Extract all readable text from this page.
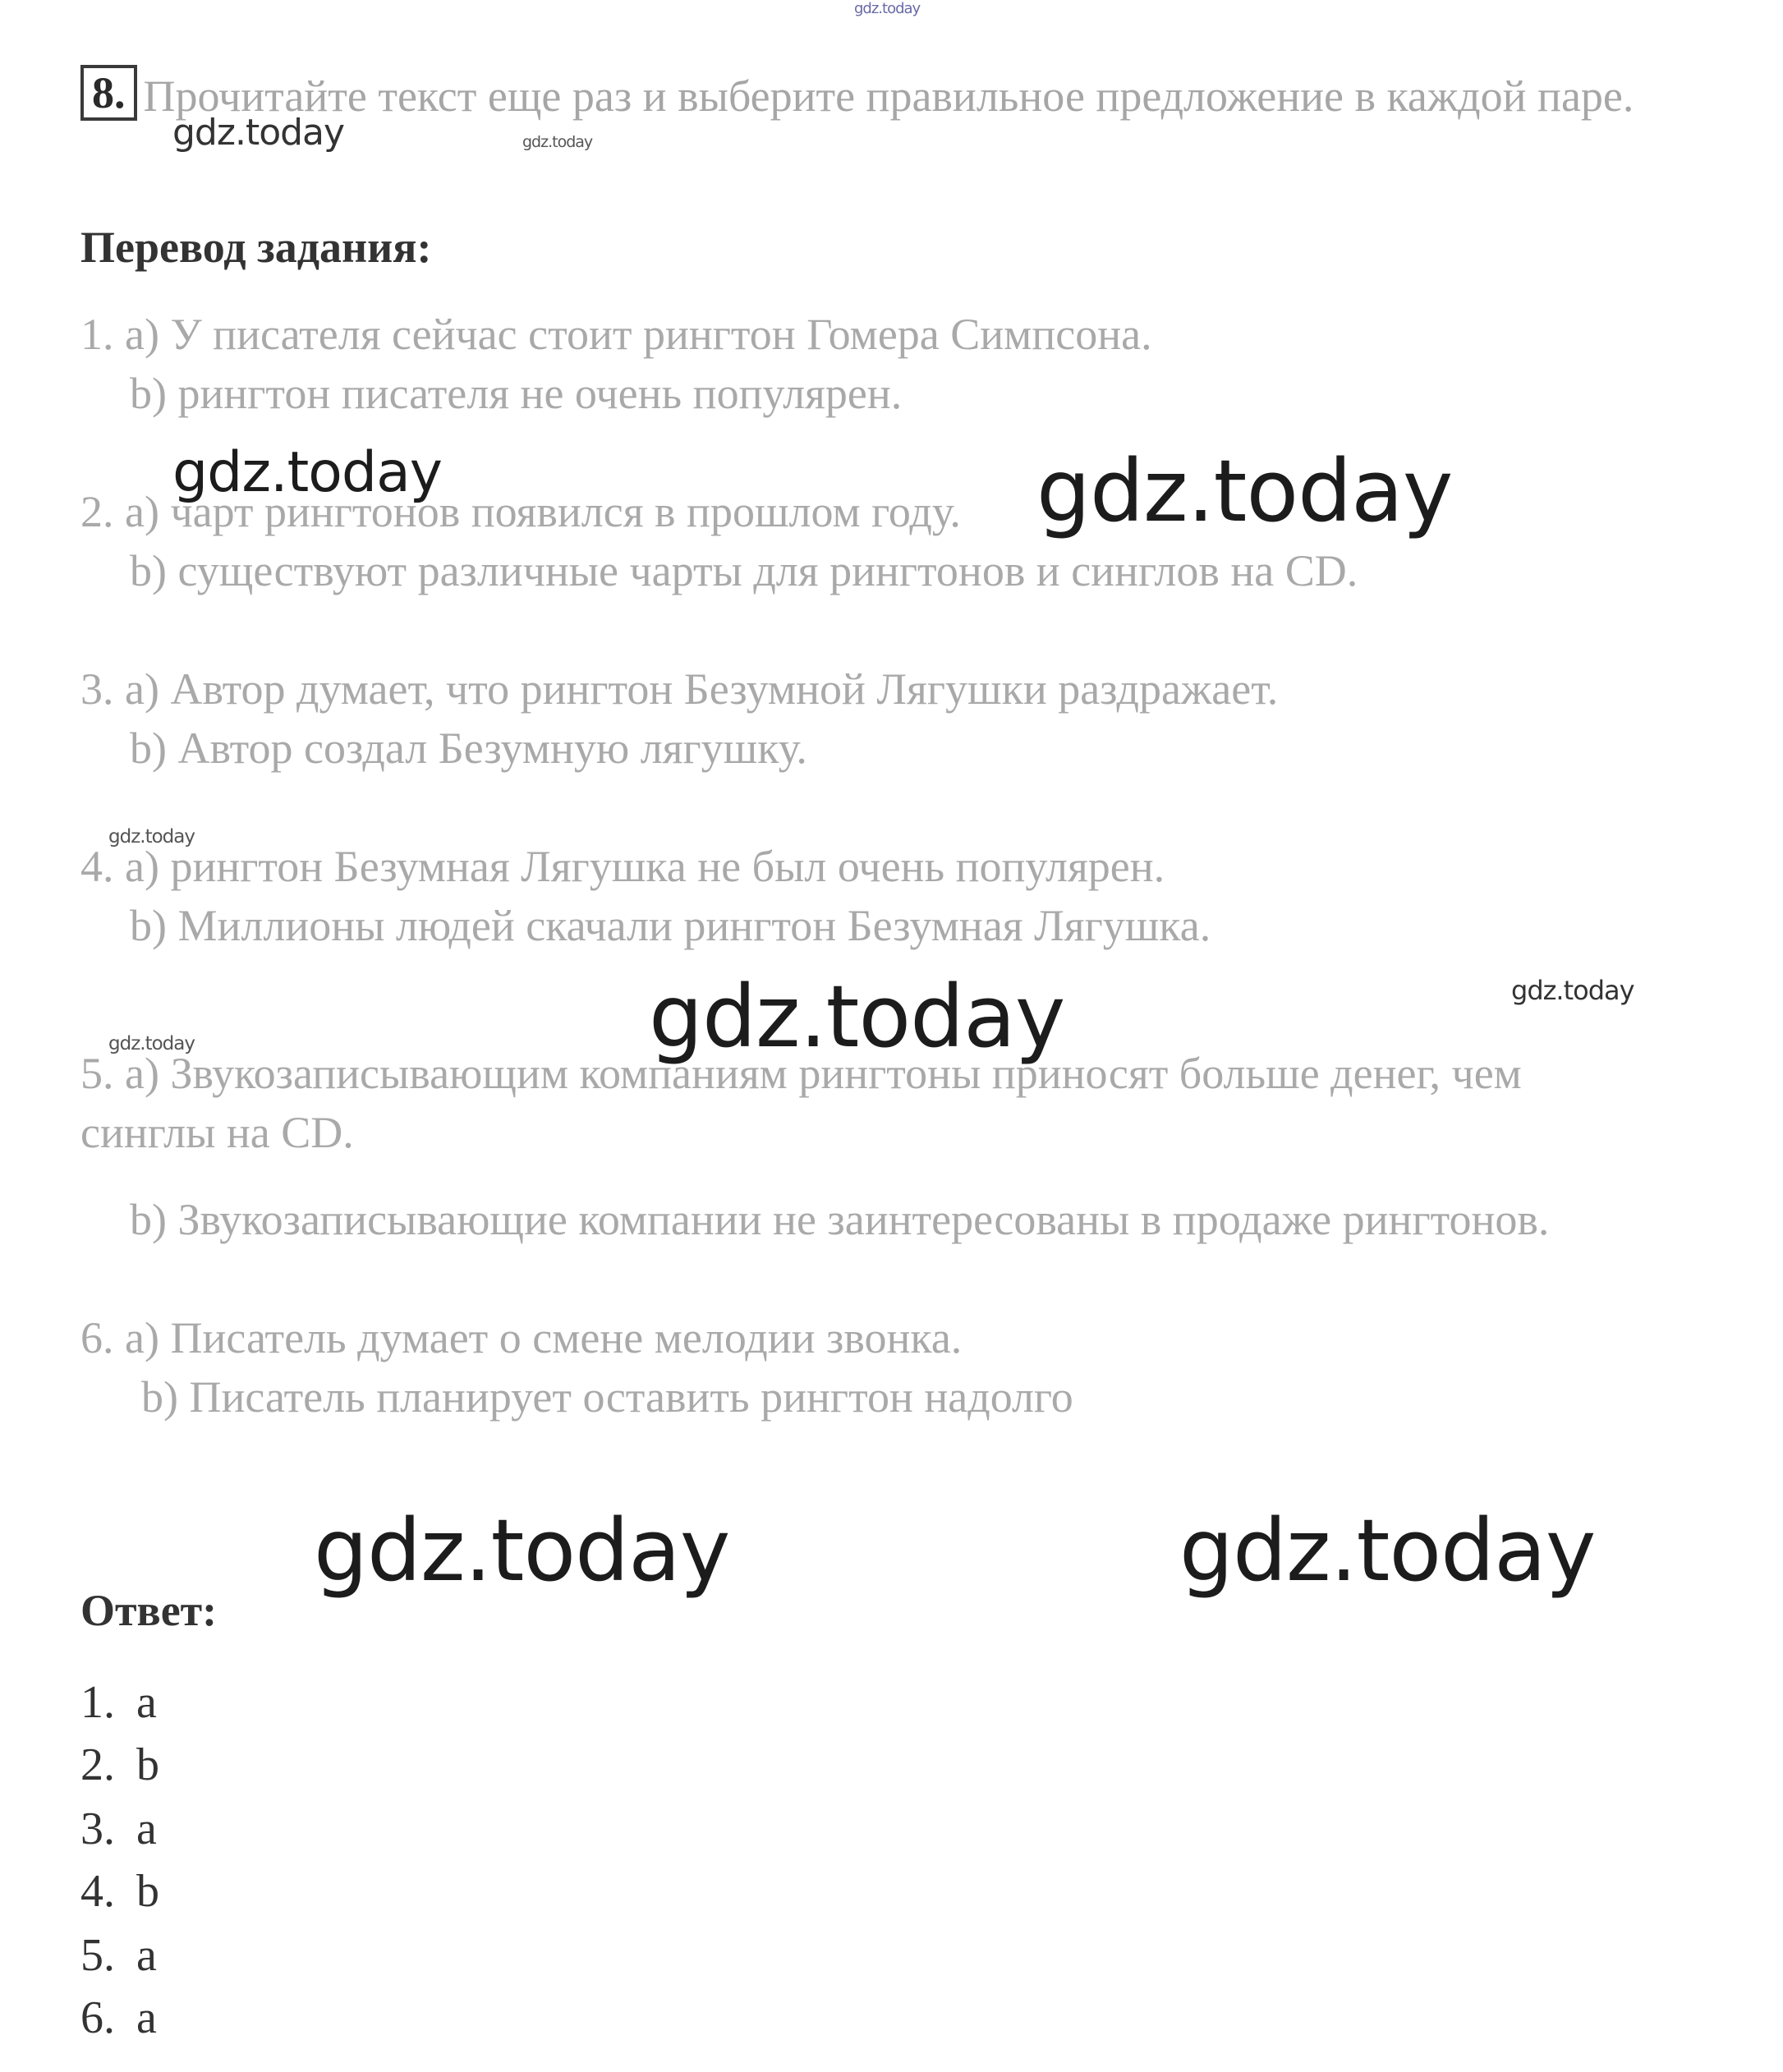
8. Прочитайте текст еще раз и выберите правильное предложение в каждой паре.
Перевод задания:
1. a) У писателя сейчас стоит рингтон Гомера Симпсона.
b) рингтон писателя не очень популярен.
2. a) чарт рингтонов появился в прошлом году.
b) существуют различные чарты для рингтонов и синглов на CD.
3. a) Автор думает, что рингтон Безумной Лягушки раздражает.
b) Автор создал Безумную лягушку.
4. a) рингтон Безумная Лягушка не был очень популярен.
b) Миллионы людей скачали рингтон Безумная Лягушка.
5. a) Звукозаписывающим компаниям рингтоны приносят больше денег, чем
синглы на CD.
b) Звукозаписывающие компании не заинтересованы в продаже рингтонов.
6. a) Писатель думает о смене мелодии звонка.
b) Писатель планирует оставить рингтон надолго
Ответ:
1. a
2. b
3. a
4. b
5. a
6. a
gdz.today
gdz.today	gdz.today
gdz.today	gdz.today
gdz.today
gdz.today	gdz.today
gdz.today
gdz.today	gdz.today
